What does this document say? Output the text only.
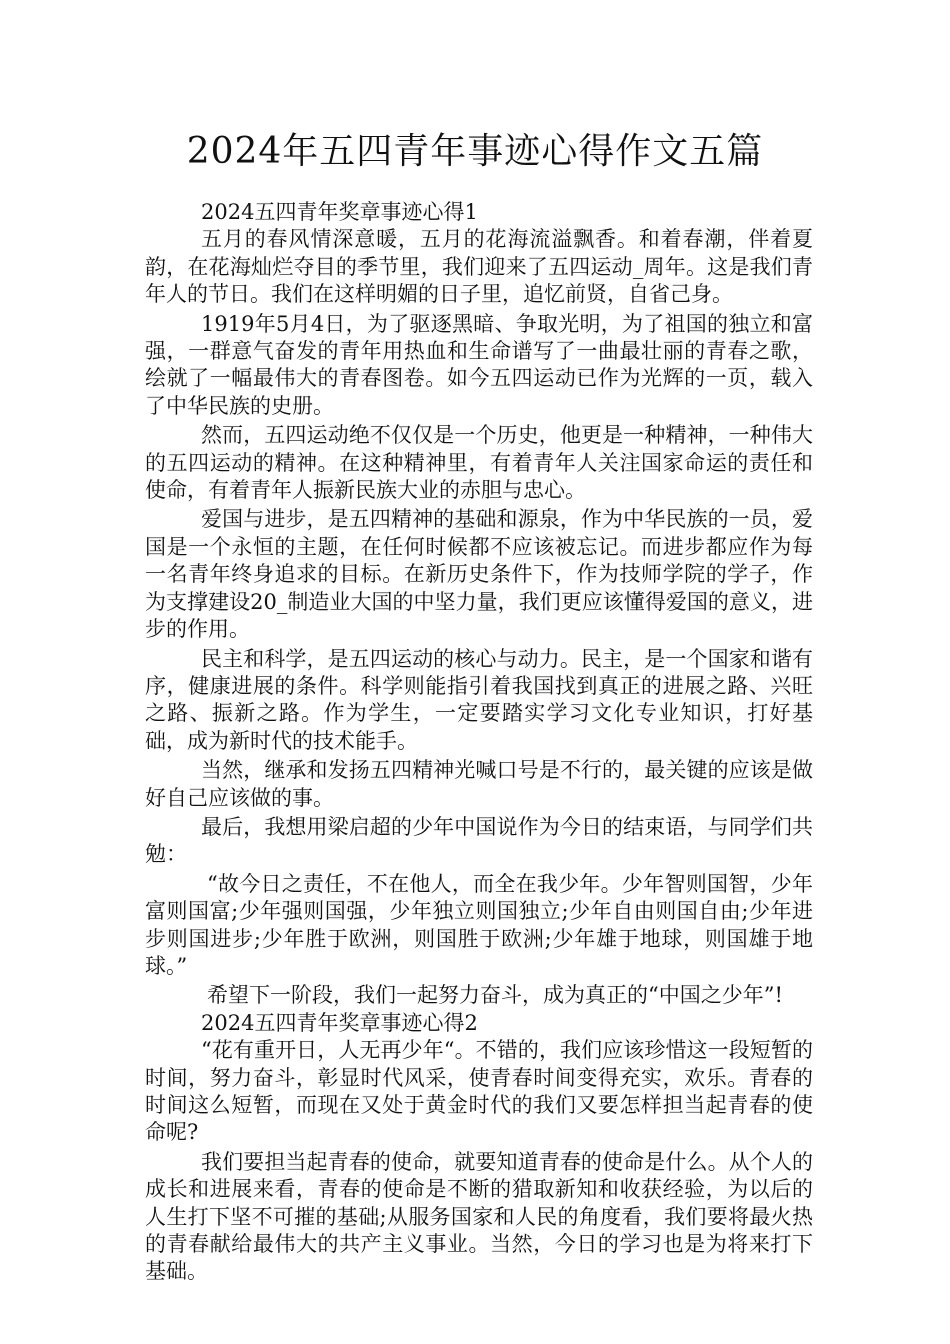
2024年五四青年事迹心得作文五篇

2024五四青年奖章事迹心得1

五月的春风情深意暖，五月的花海流溢飘香。和着春潮，伴着夏韵，在花海灿烂夺目的季节里，我们迎来了五四运动_周年。这是我们青年人的节日。我们在这样明媚的日子里，追忆前贤，自省己身。

1919年5月4日，为了驱逐黑暗、争取光明，为了祖国的独立和富强，一群意气奋发的青年用热血和生命谱写了一曲最壮丽的青春之歌，绘就了一幅最伟大的青春图卷。如今五四运动已作为光辉的一页，载入了中华民族的史册。

然而，五四运动绝不仅仅是一个历史，他更是一种精神，一种伟大的五四运动的精神。在这种精神里，有着青年人关注国家命运的责任和使命，有着青年人振新民族大业的赤胆与忠心。

爱国与进步，是五四精神的基础和源泉，作为中华民族的一员，爱国是一个永恒的主题，在任何时候都不应该被忘记。而进步都应作为每一名青年终身追求的目标。在新历史条件下，作为技师学院的学子，作为支撑建设20_制造业大国的中坚力量，我们更应该懂得爱国的意义，进步的作用。

民主和科学，是五四运动的核心与动力。民主，是一个国家和谐有序，健康进展的条件。科学则能指引着我国找到真正的进展之路、兴旺之路、振新之路。作为学生，一定要踏实学习文化专业知识，打好基础，成为新时代的技术能手。

当然，继承和发扬五四精神光喊口号是不行的，最关键的应该是做好自己应该做的事。

最后，我想用梁启超的少年中国说作为今日的结束语，与同学们共勉：

“故今日之责任，不在他人，而全在我少年。少年智则国智，少年富则国富;少年强则国强，少年独立则国独立;少年自由则国自由;少年进步则国进步;少年胜于欧洲，则国胜于欧洲;少年雄于地球，则国雄于地球。”

希望下一阶段，我们一起努力奋斗，成为真正的“中国之少年”!

2024五四青年奖章事迹心得2

“花有重开日，人无再少年“。不错的，我们应该珍惜这一段短暂的时间，努力奋斗，彰显时代风采，使青春时间变得充实，欢乐。青春的时间这么短暂，而现在又处于黄金时代的我们又要怎样担当起青春的使命呢?

我们要担当起青春的使命，就要知道青春的使命是什么。从个人的成长和进展来看，青春的使命是不断的猎取新知和收获经验，为以后的人生打下坚不可摧的基础;从服务国家和人民的角度看，我们要将最火热的青春献给最伟大的共产主义事业。当然，今日的学习也是为将来打下基础。
